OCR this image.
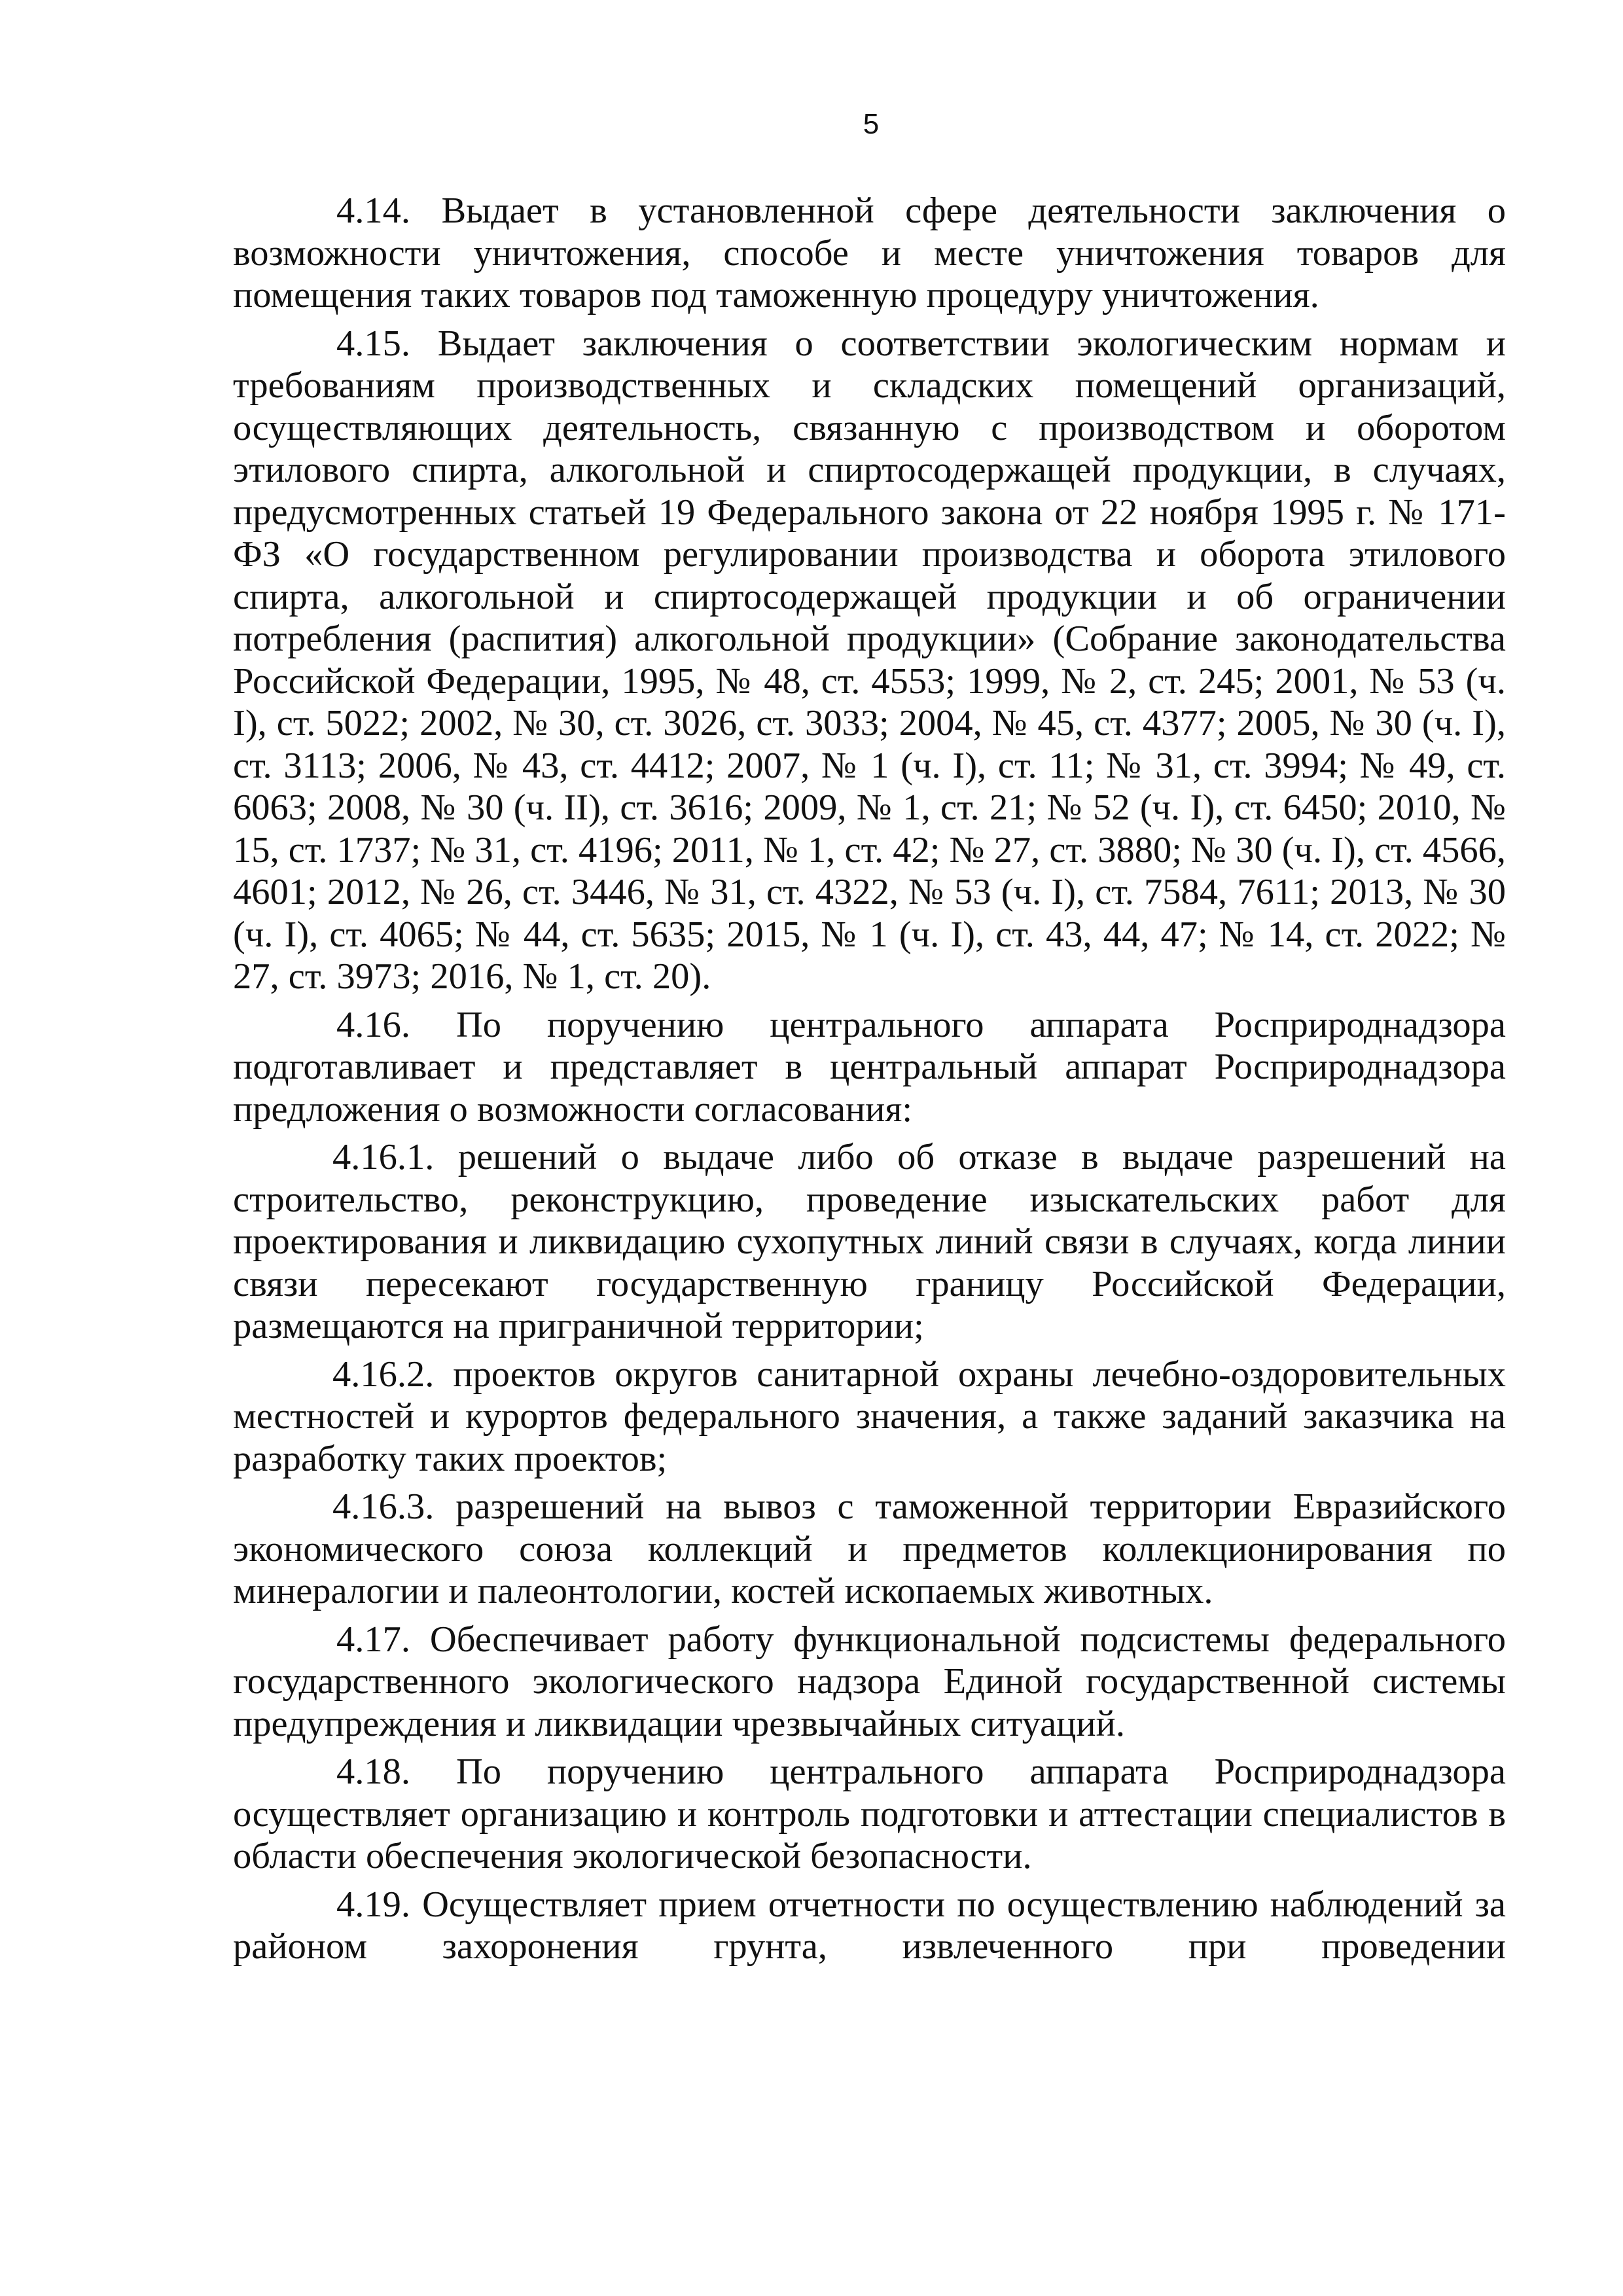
5

4.14. Выдает в установленной сфере деятельности заключения о возможности уничтожения, способе и месте уничтожения товаров для помещения таких товаров под таможенную процедуру уничтожения.

4.15. Выдает заключения о соответствии экологическим нормам и требованиям производственных и складских помещений организаций, осуществляющих деятельность, связанную с производством и оборотом этилового спирта, алкогольной и спиртосодержащей продукции, в случаях, предусмотренных статьей 19 Федерального закона от 22 ноября 1995 г. № 171-ФЗ «О государственном регулировании производства и оборота этилового спирта, алкогольной и спиртосодержащей продукции и об ограничении потребления (распития) алкогольной продукции» (Собрание законодательства Российской Федерации, 1995, № 48, ст. 4553; 1999, № 2, ст. 245; 2001, № 53 (ч. I), ст. 5022; 2002, № 30, ст. 3026, ст. 3033; 2004, № 45, ст. 4377; 2005, № 30 (ч. I), ст. 3113; 2006, № 43, ст. 4412; 2007, № 1 (ч. I), ст. 11; № 31, ст. 3994; № 49, ст. 6063; 2008, № 30 (ч. II), ст. 3616; 2009, № 1, ст. 21; № 52 (ч. I), ст. 6450; 2010, № 15, ст. 1737; № 31, ст. 4196; 2011, № 1, ст. 42; № 27, ст. 3880; № 30 (ч. I), ст. 4566, 4601; 2012, № 26, ст. 3446, № 31, ст. 4322, № 53 (ч. I), ст. 7584, 7611; 2013, № 30 (ч. I), ст. 4065; № 44, ст. 5635; 2015, № 1 (ч. I), ст. 43, 44, 47; № 14, ст. 2022; № 27, ст. 3973; 2016, № 1, ст. 20).

4.16. По поручению центрального аппарата Росприроднадзора подготавливает и представляет в центральный аппарат Росприроднадзора предложения о возможности согласования:

4.16.1. решений о выдаче либо об отказе в выдаче разрешений на строительство, реконструкцию, проведение изыскательских работ для проектирования и ликвидацию сухопутных линий связи в случаях, когда линии связи пересекают государственную границу Российской Федерации, размещаются на приграничной территории;

4.16.2. проектов округов санитарной охраны лечебно-оздоровительных местностей и курортов федерального значения, а также заданий заказчика на разработку таких проектов;

4.16.3. разрешений на вывоз с таможенной территории Евразийского экономического союза коллекций и предметов коллекционирования по минералогии и палеонтологии, костей ископаемых животных.

4.17. Обеспечивает работу функциональной подсистемы федерального государственного экологического надзора Единой государственной системы предупреждения и ликвидации чрезвычайных ситуаций.

4.18. По поручению центрального аппарата Росприроднадзора осуществляет организацию и контроль подготовки и аттестации специалистов в области обеспечения экологической безопасности.

4.19. Осуществляет прием отчетности по осуществлению наблюдений за районом захоронения грунта, извлеченного при проведении
